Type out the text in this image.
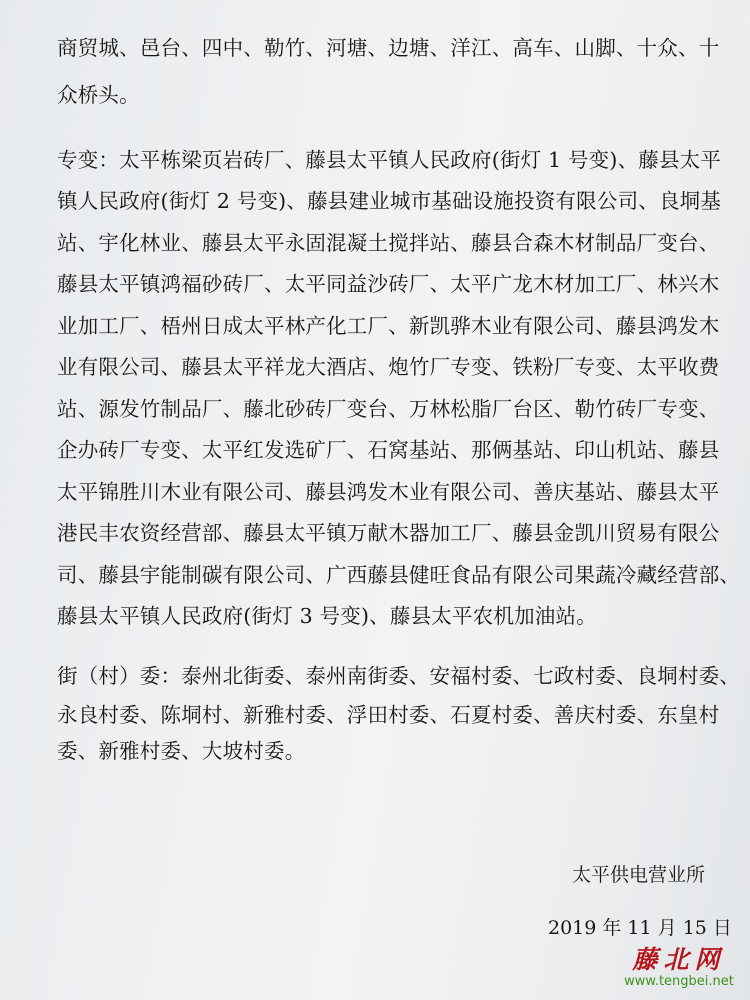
商贸城、邑台、四中、勒竹、河塘、边塘、洋江、高车、山脚、十众、十
众桥头。
专变：太平栋梁页岩砖厂、藤县太平镇人民政府(街灯 1 号变)、藤县太平
镇人民政府(街灯 2 号变)、藤县建业城市基础设施投资有限公司、良垌基
站、宇化林业、藤县太平永固混凝土搅拌站、藤县合森木材制品厂变台、
藤县太平镇鸿福砂砖厂、太平同益沙砖厂、太平广龙木材加工厂、林兴木
业加工厂、梧州日成太平林产化工厂、新凯骅木业有限公司、藤县鸿发木
业有限公司、藤县太平祥龙大酒店、炮竹厂专变、铁粉厂专变、太平收费
站、源发竹制品厂、藤北砂砖厂变台、万林松脂厂台区、勒竹砖厂专变、
企办砖厂专变、太平红发选矿厂、石窝基站、那俩基站、印山机站、藤县
太平锦胜川木业有限公司、藤县鸿发木业有限公司、善庆基站、藤县太平
港民丰农资经营部、藤县太平镇万献木器加工厂、藤县金凯川贸易有限公
司、藤县宇能制碳有限公司、广西藤县健旺食品有限公司果蔬冷藏经营部、
藤县太平镇人民政府(街灯 3 号变)、藤县太平农机加油站。
街（村）委：泰州北街委、泰州南街委、安福村委、七政村委、良垌村委、
永良村委、陈垌村、新雅村委、浮田村委、石夏村委、善庆村委、东皇村
委、新雅村委、大坡村委。
太平供电营业所
2019 年 11 月 15 日
藤北网
www.tengbei.net
